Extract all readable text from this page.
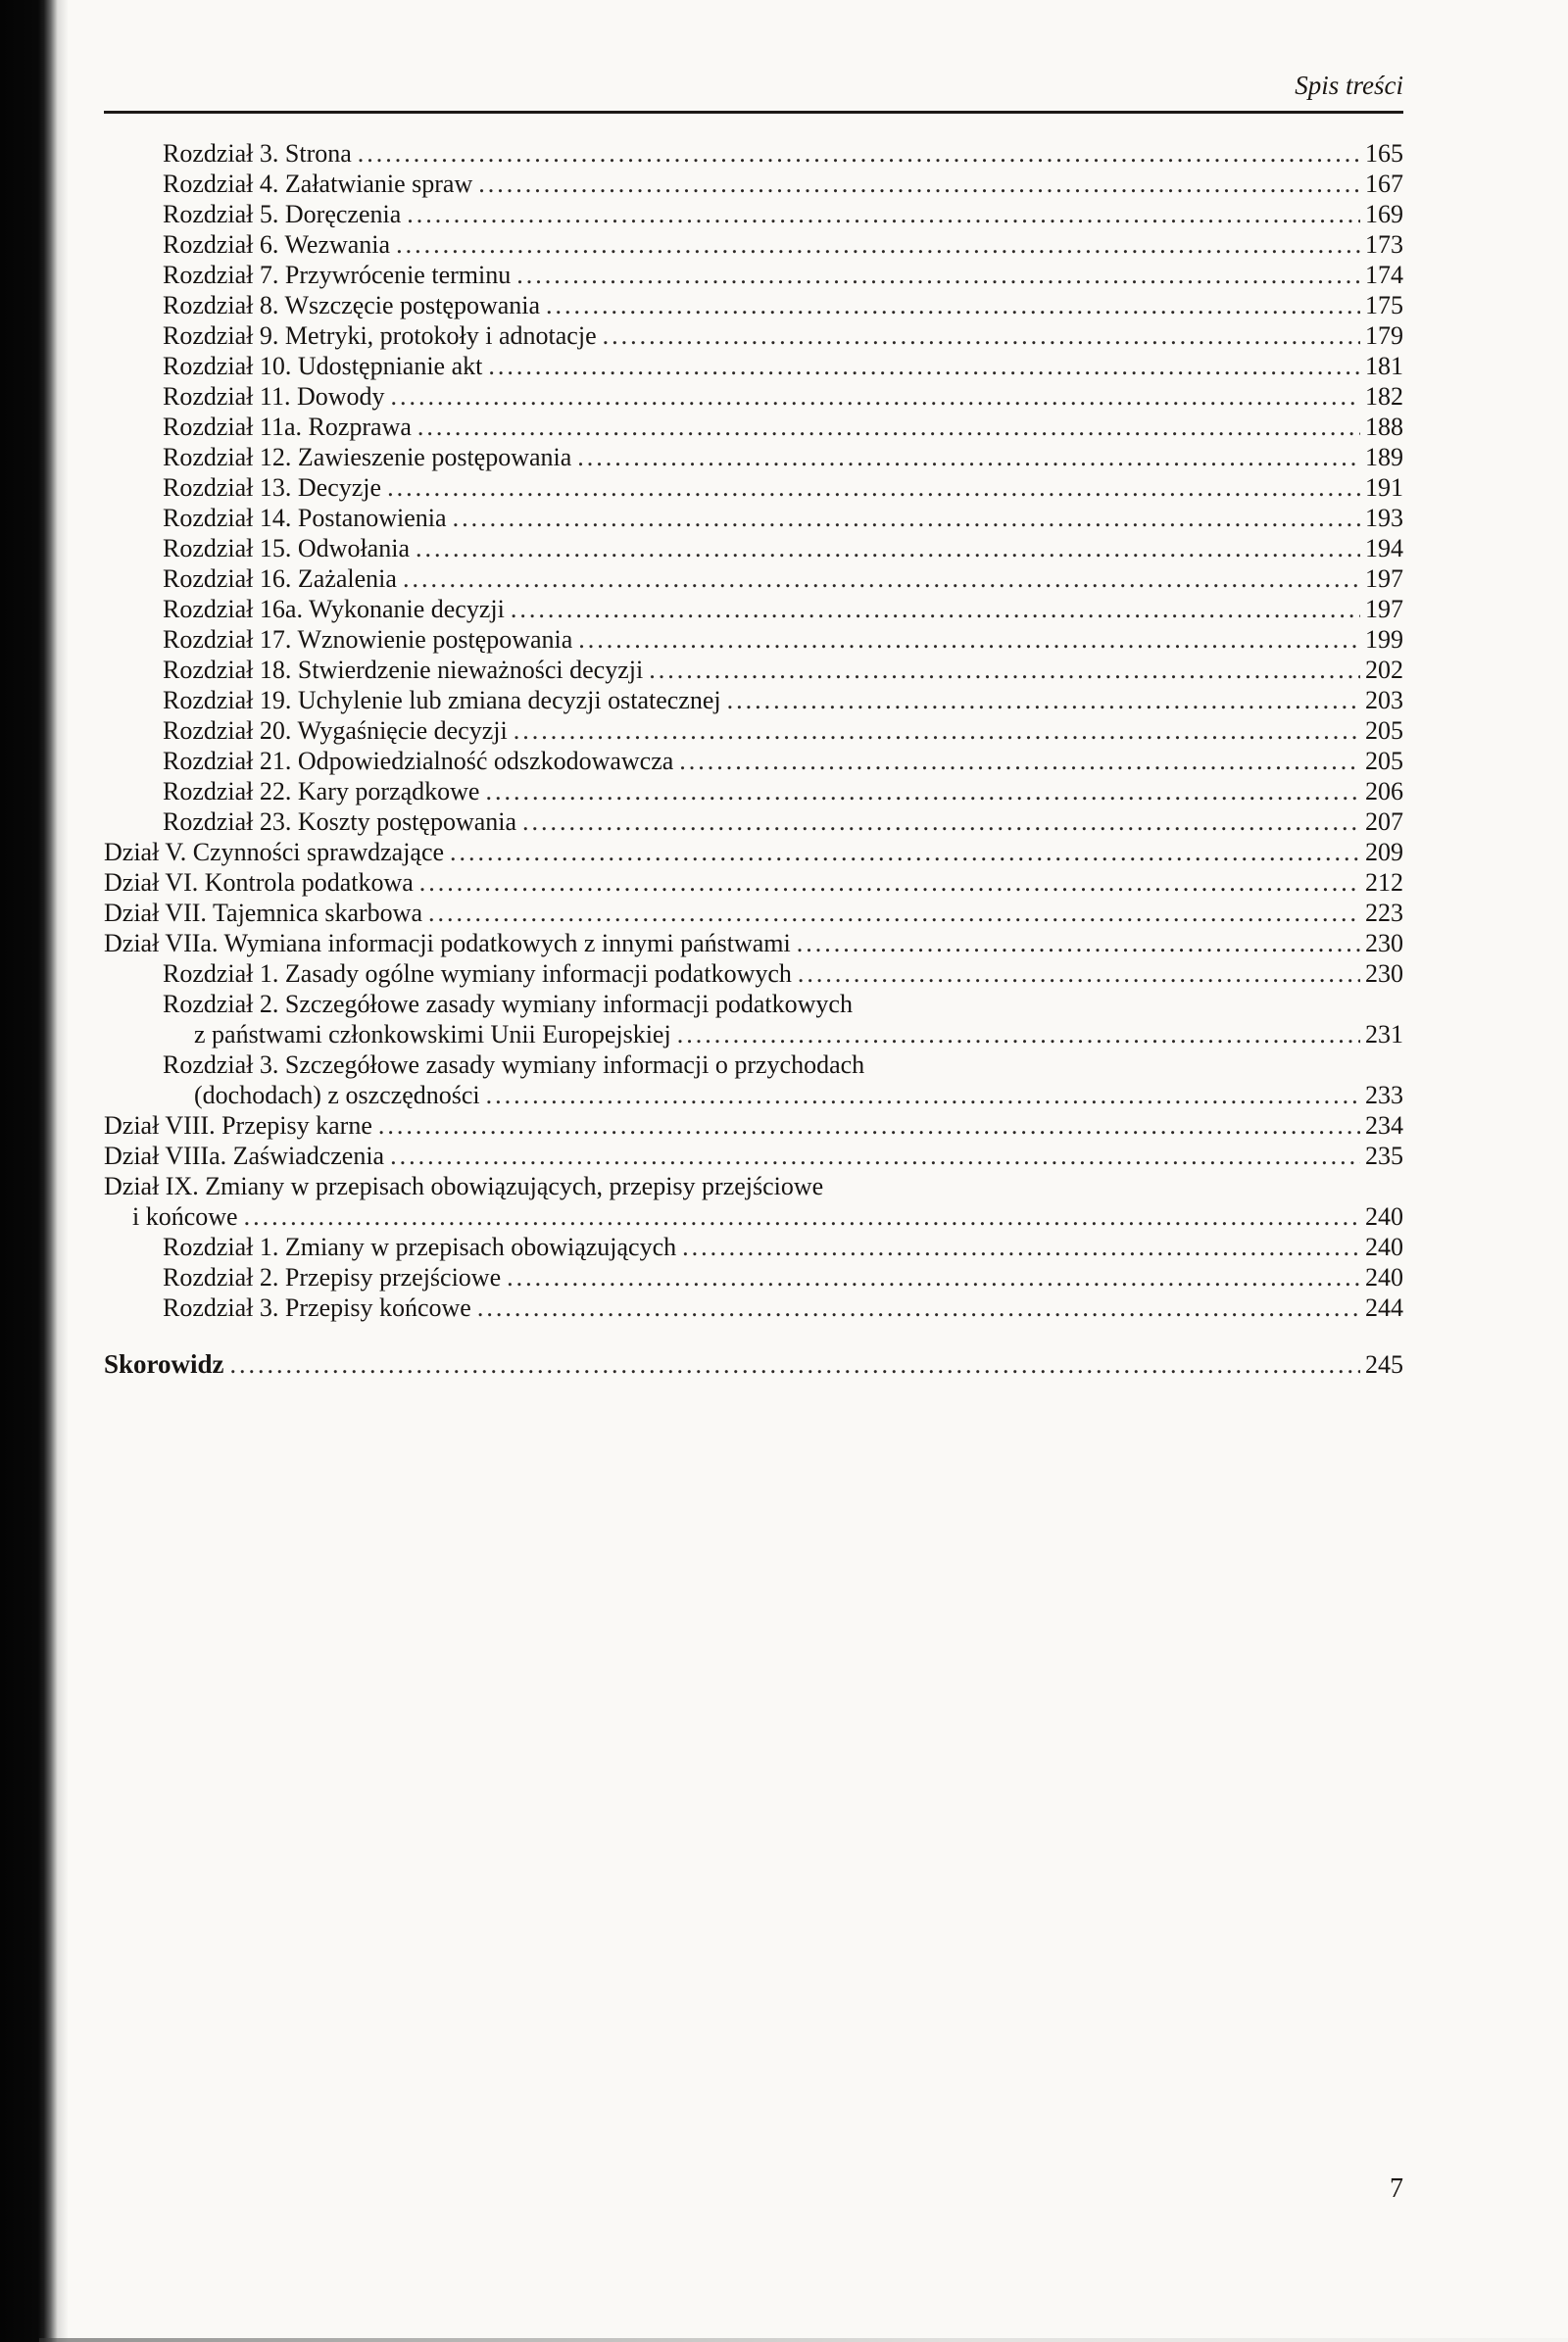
Spis treści
Rozdział 3. Strona .....	165
Rozdział 4. Załatwianie spraw .....	167
Rozdział 5. Doręczenia .....	169
Rozdział 6. Wezwania .....	173
Rozdział 7. Przywrócenie terminu .....	174
Rozdział 8. Wszczęcie postępowania .....	175
Rozdział 9. Metryki, protokoły i adnotacje .....	179
Rozdział 10. Udostępnianie akt .....	181
Rozdział 11. Dowody .....	182
Rozdział 11a. Rozprawa .....	188
Rozdział 12. Zawieszenie postępowania .....	189
Rozdział 13. Decyzje .....	191
Rozdział 14. Postanowienia .....	193
Rozdział 15. Odwołania .....	194
Rozdział 16. Zażalenia .....	197
Rozdział 16a. Wykonanie decyzji .....	197
Rozdział 17. Wznowienie postępowania .....	199
Rozdział 18. Stwierdzenie nieważności decyzji .....	202
Rozdział 19. Uchylenie lub zmiana decyzji ostatecznej .....	203
Rozdział 20. Wygaśnięcie decyzji .....	205
Rozdział 21. Odpowiedzialność odszkodowawcza .....	205
Rozdział 22. Kary porządkowe .....	206
Rozdział 23. Koszty postępowania .....	207
Dział V. Czynności sprawdzające .....	209
Dział VI. Kontrola podatkowa .....	212
Dział VII. Tajemnica skarbowa .....	223
Dział VIIa. Wymiana informacji podatkowych z innymi państwami .....	230
Rozdział 1. Zasady ogólne wymiany informacji podatkowych .....	230
Rozdział 2. Szczegółowe zasady wymiany informacji podatkowych
z państwami członkowskimi Unii Europejskiej .....	231
Rozdział 3. Szczegółowe zasady wymiany informacji o przychodach
(dochodach) z oszczędności .....	233
Dział VIII. Przepisy karne .....	234
Dział VIIIa. Zaświadczenia .....	235
Dział IX. Zmiany w przepisach obowiązujących, przepisy przejściowe
i końcowe .....	240
Rozdział 1. Zmiany w przepisach obowiązujących .....	240
Rozdział 2. Przepisy przejściowe .....	240
Rozdział 3. Przepisy końcowe .....	244
Skorowidz .....	245
7
